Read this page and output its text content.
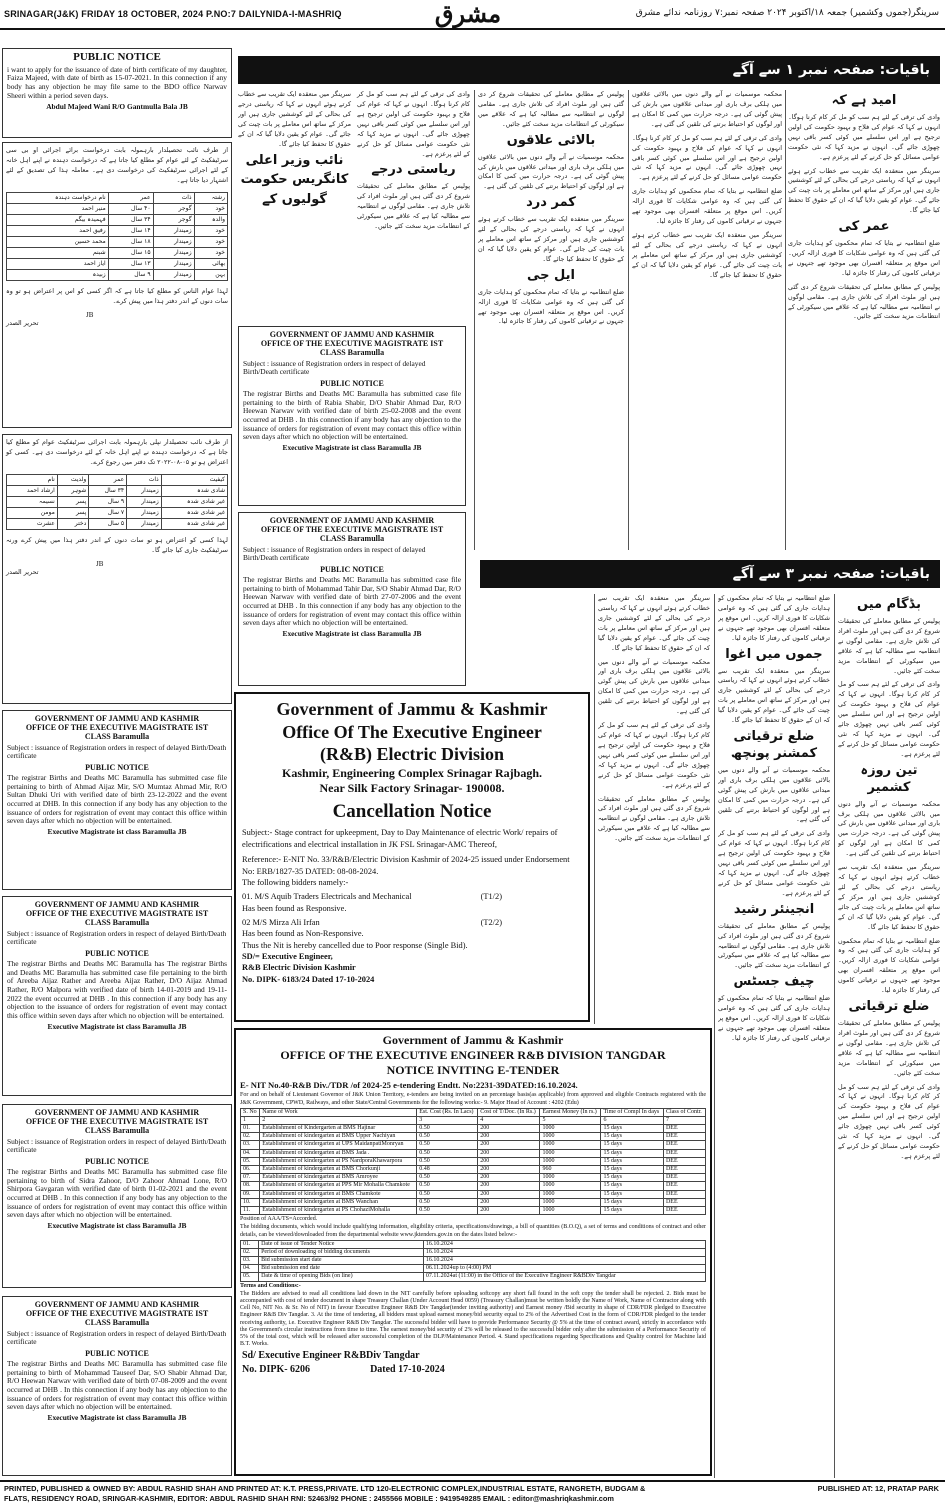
SRINAGAR(J&K) FRIDAY 18 OCTOBER, 2024 P.NO:7 DAILYNIDA-I-MASHRIQ	مشرق	سرینگر(جموں وکشمیر) جمعہ ۱۸/اکتوبر ۲۰۲۴ صفحہ نمبر:۷ روزنامہ ندائے مشرق
PUBLIC NOTICE
i want to apply for the issuance of date of birth certificate of my daughter, Faiza Majeed, with date of birth as 15-07-2021. In this connection if any body has any objection he may file same to the BDO office Narwav Sheeri within a period seven days.
Abdul Majeed Wani R/O Gantmulla Bala JB
از طرف نائب تحصیلدار بارہمولہ بابت درخواست برائے اجرائی او بی سی سرٹیفکیٹ کے لئے عوام کو مطلع کیا جاتا ہے کہ درخواست دہندہ نے اپنے اہل خانہ کے لئے اجرائی سرٹیفکیٹ کی درخواست دی ہے۔ معاملہ ہذا کی تصدیق کے لئے اشتہار دیا جاتا ہے۔
نام درخواست دہندہ	عمر	ذات	رشتہ
منیر احمد	۴۰ سال	گوجر	خود
فہمیدہ بیگم	۳۴ سال	گوجر	والدہ
رفیق احمد	۱۴ سال	زمیندار	خود
محمد حسین	۱۸ سال	زمیندار	خود
شبنم	۱۵ سال	زمیندار	خود
ایاز احمد	۱۳ سال	زمیندار	بھائی
زبیدہ	۹ سال	زمیندار	بہن
لہذا عوام الناس کو مطلع کیا جاتا ہے کہ اگر کسی کو اس پر اعتراض ہو تو وہ سات دنوں کے اندر دفتر ہذا میں پیش کرے۔
JB
تحریر الصدر
از طرف نائب تحصیلدار نپلی بارہمولہ بابت اجرائی سرٹیفکیٹ عوام کو مطلع کیا جاتا ہے کہ درخواست دہندہ نے اپنے اہل خانہ کے لئے درخواست دی ہے۔ کسی کو اعتراض ہو تو ۰۵-۰۸-۲۰۲۲ تک دفتر میں رجوع کرے۔
نام	ولدیت	عمر	ذات	کیفیت
ارشاد احمد	شوہر	۳۴ سال	زمیندار	شادی شدہ
نسیمہ	پسر	۹ سال	زمیندار	غیر شادی شدہ
مومن	پسر	۷ سال	زمیندار	غیر شادی شدہ
عشرت	دختر	۵ سال	زمیندار	غیر شادی شدہ
لہذا کسی کو اعتراض ہو تو سات دنوں کے اندر دفتر ہذا میں پیش کرے ورنہ سرٹیفکیٹ جاری کیا جائے گا۔
JB
تحریر الصدر
GOVERNMENT OF JAMMU AND KASHMIR
OFFICE OF THE EXECUTIVE MAGISTRATE IST
CLASS Baramulla
Subject : issuance of Registration orders in respect of delayed Birth/Death certificate
PUBLIC NOTICE
The registrar Births and Deaths MC Baramulla has submitted case file pertaining to birth of Ahmad Aijaz Mir, S/O Mumtaz Ahmad Mir, R/O Sultan Dhuki Uri with verified date of birth 23-12-2022 and the event occurred at DHB. In this connection if any body has any objection to the issuance of orders for registration of event may contact this office within seven days after which no objection will be entertained.
Executive Magistrate ist class Baramulla JB
GOVERNMENT OF JAMMU AND KASHMIR
OFFICE OF THE EXECUTIVE MAGISTRATE IST
CLASS Baramulla
Subject : issuance of Registration orders in respect of delayed Birth/Death certificate
PUBLIC NOTICE
The registrar Births and Deaths MC Baramulla has The registrar Births and Deaths MC Baramulla has submitted case file pertaining to the birth of Areeba Aijaz Rather and Areeba Aijaz Rather, D/O Aijaz Ahmad Rather, R/O Malpora with verified date of birth 14-01-2019 and 19-11-2022 the event occurred at DHB . In this connection if any body has any objection to the issuance of orders for registration of event may contact this office within seven days after which no objection will be entertained.
Executive Magistrate ist class Baramulla JB
GOVERNMENT OF JAMMU AND KASHMIR
OFFICE OF THE EXECUTIVE MAGISTRATE IST
CLASS Baramulla
Subject : issuance of Registration orders in respect of delayed Birth/Death certificate
PUBLIC NOTICE
The registrar Births and Deaths MC Baramulla has submitted case file pertaining to birth of Sidra Zahoor, D/O Zahoor Ahmad Lone, R/O Shirpora Gavgaran with verified date of birth 01-02-2021 and the event occurred at DHB . In this connection if any body has any objection to the issuance of orders for registration of event may contact this office within seven days after which no objection will be entertained.
Executive Magistrate ist class Baramulla JB
GOVERNMENT OF JAMMU AND KASHMIR
OFFICE OF THE EXECUTIVE MAGISTRATE IST
CLASS Baramulla
Subject : issuance of Registration orders in respect of delayed Birth/Death certificate
PUBLIC NOTICE
The registrar Births and Deaths MC Baramulla has submitted case file pertaining to birth of Mohammad Tauseef Dar, S/O Shabir Ahmad Dar, R/O Heewan Narwav with verified date of birth 07-08-2009 and the event occurred at DHB . In this connection if any body has any objection to the issuance of orders for registration of event may contact this office within seven days after which no objection will be entertained.
Executive Magistrate ist class Baramulla JB
باقیات: صفحہ نمبر ۱ سے آگے
امید ہے کہ
وادی کی ترقی کے لئے ہم سب کو مل کر کام کرنا ہوگا۔ انہوں نے کہا کہ عوام کی فلاح و بہبود حکومت کی اولین ترجیح ہے اور اس سلسلے میں کوئی کسر باقی نہیں چھوڑی جائے گی۔ انہوں نے مزید کہا کہ نئی حکومت عوامی مسائل کو حل کرنے کے لئے پرعزم ہے۔
سرینگر میں منعقدہ ایک تقریب سے خطاب کرتے ہوئے انہوں نے کہا کہ ریاستی درجے کی بحالی کے لئے کوششیں جاری ہیں اور مرکز کے ساتھ اس معاملے پر بات چیت کی جائے گی۔ عوام کو یقین دلایا گیا کہ ان کے حقوق کا تحفظ کیا جائے گا۔
عمر کی
ضلع انتظامیہ نے بتایا کہ تمام محکموں کو ہدایات جاری کی گئی ہیں کہ وہ عوامی شکایات کا فوری ازالہ کریں۔ اس موقع پر متعلقہ افسران بھی موجود تھے جنہوں نے ترقیاتی کاموں کی رفتار کا جائزہ لیا۔
پولیس کے مطابق معاملے کی تحقیقات شروع کر دی گئی ہیں اور ملوث افراد کی تلاش جاری ہے۔ مقامی لوگوں نے انتظامیہ سے مطالبہ کیا ہے کہ علاقے میں سیکورٹی کے انتظامات مزید سخت کئے جائیں۔
محکمہ موسمیات نے آنے والے دنوں میں بالائی علاقوں میں ہلکی برف باری اور میدانی علاقوں میں بارش کی پیش گوئی کی ہے۔ درجہ حرارت میں کمی کا امکان ہے اور لوگوں کو احتیاط برتنے کی تلقین کی گئی ہے۔
وادی کی ترقی کے لئے ہم سب کو مل کر کام کرنا ہوگا۔ انہوں نے کہا کہ عوام کی فلاح و بہبود حکومت کی اولین ترجیح ہے اور اس سلسلے میں کوئی کسر باقی نہیں چھوڑی جائے گی۔ انہوں نے مزید کہا کہ نئی حکومت عوامی مسائل کو حل کرنے کے لئے پرعزم ہے۔
ضلع انتظامیہ نے بتایا کہ تمام محکموں کو ہدایات جاری کی گئی ہیں کہ وہ عوامی شکایات کا فوری ازالہ کریں۔ اس موقع پر متعلقہ افسران بھی موجود تھے جنہوں نے ترقیاتی کاموں کی رفتار کا جائزہ لیا۔
سرینگر میں منعقدہ ایک تقریب سے خطاب کرتے ہوئے انہوں نے کہا کہ ریاستی درجے کی بحالی کے لئے کوششیں جاری ہیں اور مرکز کے ساتھ اس معاملے پر بات چیت کی جائے گی۔ عوام کو یقین دلایا گیا کہ ان کے حقوق کا تحفظ کیا جائے گا۔
پولیس کے مطابق معاملے کی تحقیقات شروع کر دی گئی ہیں اور ملوث افراد کی تلاش جاری ہے۔ مقامی لوگوں نے انتظامیہ سے مطالبہ کیا ہے کہ علاقے میں سیکورٹی کے انتظامات مزید سخت کئے جائیں۔
بالائی علاقوں
محکمہ موسمیات نے آنے والے دنوں میں بالائی علاقوں میں ہلکی برف باری اور میدانی علاقوں میں بارش کی پیش گوئی کی ہے۔ درجہ حرارت میں کمی کا امکان ہے اور لوگوں کو احتیاط برتنے کی تلقین کی گئی ہے۔
کمر درد
سرینگر میں منعقدہ ایک تقریب سے خطاب کرتے ہوئے انہوں نے کہا کہ ریاستی درجے کی بحالی کے لئے کوششیں جاری ہیں اور مرکز کے ساتھ اس معاملے پر بات چیت کی جائے گی۔ عوام کو یقین دلایا گیا کہ ان کے حقوق کا تحفظ کیا جائے گا۔
ایل جی
ضلع انتظامیہ نے بتایا کہ تمام محکموں کو ہدایات جاری کی گئی ہیں کہ وہ عوامی شکایات کا فوری ازالہ کریں۔ اس موقع پر متعلقہ افسران بھی موجود تھے جنہوں نے ترقیاتی کاموں کی رفتار کا جائزہ لیا۔
وادی کی ترقی کے لئے ہم سب کو مل کر کام کرنا ہوگا۔ انہوں نے کہا کہ عوام کی فلاح و بہبود حکومت کی اولین ترجیح ہے اور اس سلسلے میں کوئی کسر باقی نہیں چھوڑی جائے گی۔ انہوں نے مزید کہا کہ نئی حکومت عوامی مسائل کو حل کرنے کے لئے پرعزم ہے۔
ریاستی درجے
پولیس کے مطابق معاملے کی تحقیقات شروع کر دی گئی ہیں اور ملوث افراد کی تلاش جاری ہے۔ مقامی لوگوں نے انتظامیہ سے مطالبہ کیا ہے کہ علاقے میں سیکورٹی کے انتظامات مزید سخت کئے جائیں۔
سرینگر میں منعقدہ ایک تقریب سے خطاب کرتے ہوئے انہوں نے کہا کہ ریاستی درجے کی بحالی کے لئے کوششیں جاری ہیں اور مرکز کے ساتھ اس معاملے پر بات چیت کی جائے گی۔ عوام کو یقین دلایا گیا کہ ان کے حقوق کا تحفظ کیا جائے گا۔
نائب وزیر اعلی
کانگریس حکومت
گولیوں کے
GOVERNMENT OF JAMMU AND KASHMIR
OFFICE OF THE EXECUTIVE MAGISTRATE IST
CLASS Baramulla
Subject : issuance of Registration orders in respect of delayed Birth/Death certificate
PUBLIC NOTICE
The registrar Births and Deaths MC Baramulla has submitted case file pertaining to the birth of Rabia Shabir, D/O Shabir Ahmad Dar, R/O Heewan Narwav with verified date of birth 25-02-2008 and the event occurred at DHB . In this connection if any body has any objection to the issuance of orders for registration of event may contact this office within seven days after which no objection will be entertained.
Executive Magistrate ist class Baramulla JB
GOVERNMENT OF JAMMU AND KASHMIR
OFFICE OF THE EXECUTIVE MAGISTRATE IST
CLASS Baramulla
Subject : issuance of Registration orders in respect of delayed Birth/Death certificate
PUBLIC NOTICE
The registrar Births and Deaths MC Baramulla has submitted case file pertaining to birth of Mohammad Tahir Dar, S/O Shabir Ahmad Dar, R/O Heewan Narwav with verified date of birth 27-07-2006 and the event occurred at DHB . In this connection if any body has any objection to the issuance of orders for registration of event may contact this office within seven days after which no objection will be entertained.
Executive Magistrate ist class Baramulla JB
باقیات: صفحہ نمبر ۳ سے آگے
بڈگام میں
پولیس کے مطابق معاملے کی تحقیقات شروع کر دی گئی ہیں اور ملوث افراد کی تلاش جاری ہے۔ مقامی لوگوں نے انتظامیہ سے مطالبہ کیا ہے کہ علاقے میں سیکورٹی کے انتظامات مزید سخت کئے جائیں۔
وادی کی ترقی کے لئے ہم سب کو مل کر کام کرنا ہوگا۔ انہوں نے کہا کہ عوام کی فلاح و بہبود حکومت کی اولین ترجیح ہے اور اس سلسلے میں کوئی کسر باقی نہیں چھوڑی جائے گی۔ انہوں نے مزید کہا کہ نئی حکومت عوامی مسائل کو حل کرنے کے لئے پرعزم ہے۔
تین روزہ کشمیر
محکمہ موسمیات نے آنے والے دنوں میں بالائی علاقوں میں ہلکی برف باری اور میدانی علاقوں میں بارش کی پیش گوئی کی ہے۔ درجہ حرارت میں کمی کا امکان ہے اور لوگوں کو احتیاط برتنے کی تلقین کی گئی ہے۔
سرینگر میں منعقدہ ایک تقریب سے خطاب کرتے ہوئے انہوں نے کہا کہ ریاستی درجے کی بحالی کے لئے کوششیں جاری ہیں اور مرکز کے ساتھ اس معاملے پر بات چیت کی جائے گی۔ عوام کو یقین دلایا گیا کہ ان کے حقوق کا تحفظ کیا جائے گا۔
ضلع انتظامیہ نے بتایا کہ تمام محکموں کو ہدایات جاری کی گئی ہیں کہ وہ عوامی شکایات کا فوری ازالہ کریں۔ اس موقع پر متعلقہ افسران بھی موجود تھے جنہوں نے ترقیاتی کاموں کی رفتار کا جائزہ لیا۔
ضلع ترقیاتی
پولیس کے مطابق معاملے کی تحقیقات شروع کر دی گئی ہیں اور ملوث افراد کی تلاش جاری ہے۔ مقامی لوگوں نے انتظامیہ سے مطالبہ کیا ہے کہ علاقے میں سیکورٹی کے انتظامات مزید سخت کئے جائیں۔
وادی کی ترقی کے لئے ہم سب کو مل کر کام کرنا ہوگا۔ انہوں نے کہا کہ عوام کی فلاح و بہبود حکومت کی اولین ترجیح ہے اور اس سلسلے میں کوئی کسر باقی نہیں چھوڑی جائے گی۔ انہوں نے مزید کہا کہ نئی حکومت عوامی مسائل کو حل کرنے کے لئے پرعزم ہے۔
ضلع انتظامیہ نے بتایا کہ تمام محکموں کو ہدایات جاری کی گئی ہیں کہ وہ عوامی شکایات کا فوری ازالہ کریں۔ اس موقع پر متعلقہ افسران بھی موجود تھے جنہوں نے ترقیاتی کاموں کی رفتار کا جائزہ لیا۔
جموں میں اغوا
سرینگر میں منعقدہ ایک تقریب سے خطاب کرتے ہوئے انہوں نے کہا کہ ریاستی درجے کی بحالی کے لئے کوششیں جاری ہیں اور مرکز کے ساتھ اس معاملے پر بات چیت کی جائے گی۔ عوام کو یقین دلایا گیا کہ ان کے حقوق کا تحفظ کیا جائے گا۔
ضلع ترقیاتی کمشنر پونچھ
محکمہ موسمیات نے آنے والے دنوں میں بالائی علاقوں میں ہلکی برف باری اور میدانی علاقوں میں بارش کی پیش گوئی کی ہے۔ درجہ حرارت میں کمی کا امکان ہے اور لوگوں کو احتیاط برتنے کی تلقین کی گئی ہے۔
وادی کی ترقی کے لئے ہم سب کو مل کر کام کرنا ہوگا۔ انہوں نے کہا کہ عوام کی فلاح و بہبود حکومت کی اولین ترجیح ہے اور اس سلسلے میں کوئی کسر باقی نہیں چھوڑی جائے گی۔ انہوں نے مزید کہا کہ نئی حکومت عوامی مسائل کو حل کرنے کے لئے پرعزم ہے۔
انجینئر رشید
پولیس کے مطابق معاملے کی تحقیقات شروع کر دی گئی ہیں اور ملوث افراد کی تلاش جاری ہے۔ مقامی لوگوں نے انتظامیہ سے مطالبہ کیا ہے کہ علاقے میں سیکورٹی کے انتظامات مزید سخت کئے جائیں۔
چیف جسٹس
ضلع انتظامیہ نے بتایا کہ تمام محکموں کو ہدایات جاری کی گئی ہیں کہ وہ عوامی شکایات کا فوری ازالہ کریں۔ اس موقع پر متعلقہ افسران بھی موجود تھے جنہوں نے ترقیاتی کاموں کی رفتار کا جائزہ لیا۔
سرینگر میں منعقدہ ایک تقریب سے خطاب کرتے ہوئے انہوں نے کہا کہ ریاستی درجے کی بحالی کے لئے کوششیں جاری ہیں اور مرکز کے ساتھ اس معاملے پر بات چیت کی جائے گی۔ عوام کو یقین دلایا گیا کہ ان کے حقوق کا تحفظ کیا جائے گا۔
محکمہ موسمیات نے آنے والے دنوں میں بالائی علاقوں میں ہلکی برف باری اور میدانی علاقوں میں بارش کی پیش گوئی کی ہے۔ درجہ حرارت میں کمی کا امکان ہے اور لوگوں کو احتیاط برتنے کی تلقین کی گئی ہے۔
وادی کی ترقی کے لئے ہم سب کو مل کر کام کرنا ہوگا۔ انہوں نے کہا کہ عوام کی فلاح و بہبود حکومت کی اولین ترجیح ہے اور اس سلسلے میں کوئی کسر باقی نہیں چھوڑی جائے گی۔ انہوں نے مزید کہا کہ نئی حکومت عوامی مسائل کو حل کرنے کے لئے پرعزم ہے۔
پولیس کے مطابق معاملے کی تحقیقات شروع کر دی گئی ہیں اور ملوث افراد کی تلاش جاری ہے۔ مقامی لوگوں نے انتظامیہ سے مطالبہ کیا ہے کہ علاقے میں سیکورٹی کے انتظامات مزید سخت کئے جائیں۔
Government of Jammu & Kashmir
Office Of The Executive Engineer
(R&B) Electric Division
Kashmir, Engineering Complex Srinagar Rajbagh.
Near Silk Factory Srinagar- 190008.
Cancellation Notice
Subject:- Stage contract for upkeepment, Day to Day Maintenance of electric Work/ repairs of electrifications and electrical installation in JK FSL Srinagar-AMC Thereof,
Reference:- E-NIT No. 33/R&B/Electric Division Kashmir of 2024-25 issued under Endorsement No: ERB/1827-35 DATED: 08-08-2024.
The following bidders namely:-
01. M/S Aquib Traders Electricals and Mechanical	(T1/2)
Has been found as Responsive.
02 M/S Mirza Ali Irfan	(T2/2)
Has been found as Non-Responsive.
Thus the Nit is hereby cancelled due to Poor response (Single Bid).
SD/= Executive Engineer,
R&B Electric Division Kashmir
No. DIPK- 6183/24 Dated 17-10-2024
Government of Jammu & Kashmir
OFFICE OF THE EXECUTIVE ENGINEER R&B DIVISION TANGDAR
NOTICE INVITING E-TENDER
E- NIT No.40-R&B Div./TDR /of 2024-25 e-tendering Endtt. No:2231-39DATED:16.10.2024.
For and on behalf of Lieutenant Governor of J&K Union Territory, e-tenders are being invited on an percentage basis(as applicable) from approved and eligible Contracts registered with the J&K Government, CPWD, Railways, and other State/Central Governments for the following works:- 9. Major Head of Account : 4202 (Edu)
S. No	Name of Work	Est. Cost (Rs. In Lacs)	Cost of T/Doc. (In Rs.)	Earnest Money (In rs.)	Time of Compl In days	Class of Contr.
1	2	3	4	5	6	7
01.	Establishment of Kindergarten at BMS Hajinar	0.50	200	1000	15 days	DEE
02.	Establishment of kindergarten at BMS Upper Nachiyan	0.50	200	1000	15 days	DEE
03.	Establishment of kindergarten at UPS MaidanpatiMonryan	0.50	200	1000	15 days	DEE
04.	Establishment of kindergarten at BMS Jada .	0.50	200	1000	15 days	DEE
05.	Establishment of kindergarten at PS NardporaKhawarpora	0.50	200	1000	15 days	DEE
06.	Establishment of kindergarten at BMS Chorkunji	0.48	200	960	15 days	DEE
07.	Establishment of kindergarten at BMS Amroyee	0.50	200	1000	15 days	DEE
08.	Establishment of kindergarten at PPS Mir Mohalla Chamkote	0.50	200	1000	15 days	DEE
09.	Establishment of kindergarten at BMS Chamkote	0.50	200	1000	15 days	DEE
10.	Establishment of kindergarten at BMS Wanchan	0.50	200	1000	15 days	DEE
11.	Establishment of kindergarten at PS ChohaziMohalla	0.50	200	1000	15 days	DEE
Position of AAA/TS=Accorded.
The bidding documents, which would include qualifying information, eligibility criteria, specifications/drawings, a bill of quantities (B.O.Q), a set of terms and conditions of contract and other details, can be viewed/downloaded from the departmental website www.jktenders.gov.in on the dates listed below:-
01.	Date of issue of Tender Notice	16.10.2024
02.	Period of downloading of bidding documents	16.10.2024
03.	Bid submission start date	16.10.2024
04.	Bid submission end date	06.11.2024up to (4:00) PM
05.	Date & time of opening Bids (on line)	07.11.2024at (11:00) in the Office of the Executive Engineer R&BDiv Tangdar
Terms and Conditions:-
The Bidders are advised to read all conditions laid down in the NIT carefully before uploading softcopy any short fall found in the soft copy the tender shall be rejected. 2. Bids must be accompanied with cost of tender document in shape Treasury Challan (Under Account Head 0059) (Treasury Challan)must be written boldly the Name of Work, Name of Contractor along with Cell No, NIT No. & Sr. No of NIT) in favour Executive Engineer R&B Div Tangdar(tender inviting authority) and Earnest money /Bid security in shape of CDR/FDR pledged to Executive Engineer R&B Div Tangdar. 3. At the time of tendering, all bidders must upload earnest money/bid security equal to 2% of the Advertised Cost in the form of CDR/FDR pledged to the tender receiving authority, i.e. Executive Engineer R&B Div Tangdar. The successful bidder will have to provide Performance Security @ 5% at the time of contract award, strictly in accordance with the Government's circular instructions from time to time. The earnest money/bid security of 2% will be released to the successful bidder only after the submission of a Performance Security of 5% of the total cost, which will be released after successful completion of the DLP/Maintenance Period. 4. Stand specifications regarding Specifications and Quality control for Machine laid B.T. Works.
Sd/ Executive Engineer R&BDiv Tangdar
No. DIPK- 6206	Dated 17-10-2024
PRINTED, PUBLISHED & OWNED BY: ABDUL RASHID SHAH AND PRINTED AT: K.T. PRESS,PRIVATE. LTD 120-ELECTRONIC COMPLEX,INDUSTRIAL ESTATE, RANGRETH, BUDGAM &
FLATS, RESIDENCY ROAD, SRINGAR-KASHMIR, EDITOR: ABDUL RASHID SHAH RNI: 52463/92 PHONE : 2455566 MOBILE : 9419549285 EMAIL : editor@mashriqkashmir.com
PUBLISHED AT: 12, PRATAP PARK
